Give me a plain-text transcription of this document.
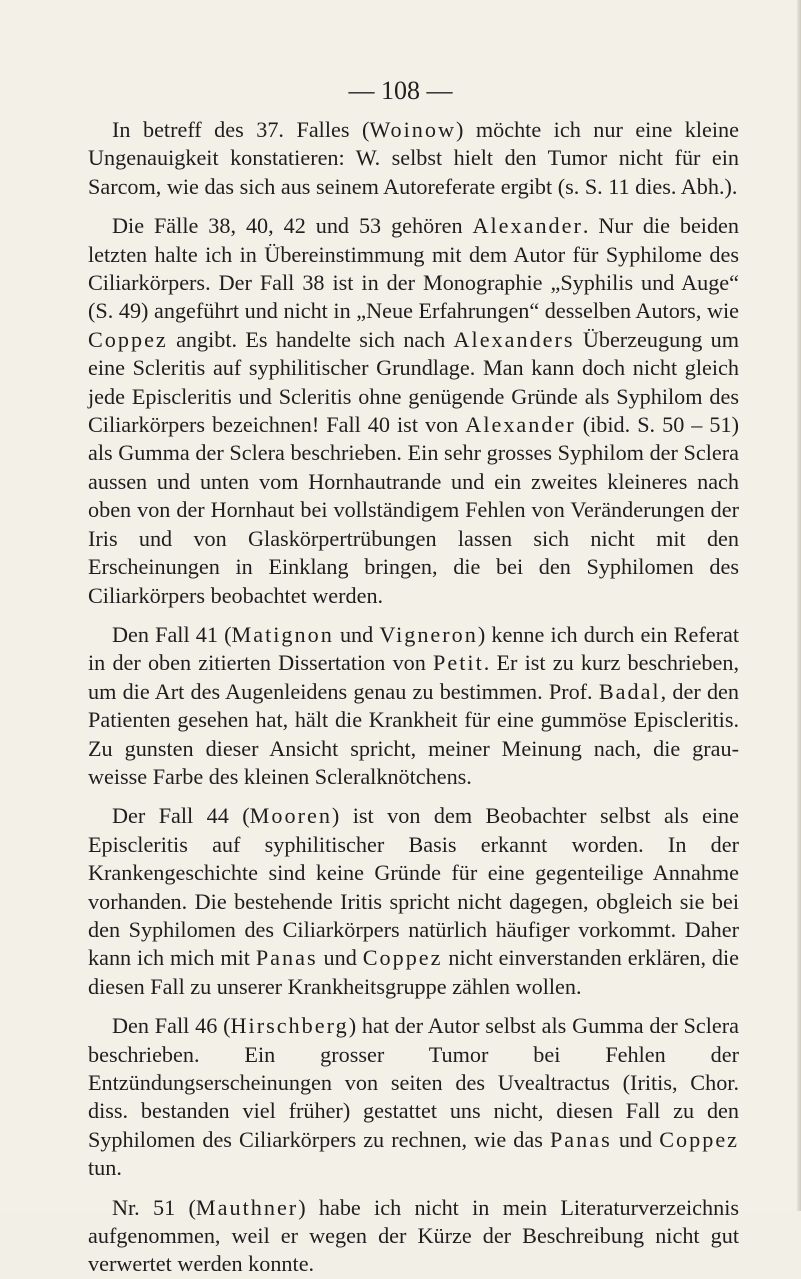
— 108 —

In betreff des 37. Falles (Woinow) möchte ich nur eine kleine Ungenauigkeit konstatieren: W. selbst hielt den Tumor nicht für ein Sarcom, wie das sich aus seinem Autoreferate ergibt (s. S. 11 dies. Abh.).

Die Fälle 38, 40, 42 und 53 gehören Alexander. Nur die beiden letzten halte ich in Übereinstimmung mit dem Autor für Syphilome des Ciliarkörpers. Der Fall 38 ist in der Monographie „Syphilis und Auge“ (S. 49) angeführt und nicht in „Neue Erfahrungen“ desselben Autors, wie Coppez angibt. Es handelte sich nach Alexanders Überzeugung um eine Scleritis auf syphilitischer Grundlage. Man kann doch nicht gleich jede Episcleritis und Scleritis ohne genügende Gründe als Syphilom des Ciliarkörpers bezeichnen! Fall 40 ist von Alexander (ibid. S. 50 – 51) als Gumma der Sclera beschrieben. Ein sehr grosses Syphilom der Sclera aussen und unten vom Hornhautrande und ein zweites kleineres nach oben von der Hornhaut bei vollständigem Fehlen von Veränderungen der Iris und von Glaskörpertrübungen lassen sich nicht mit den Erscheinungen in Einklang bringen, die bei den Syphilomen des Ciliarkörpers beobachtet werden.

Den Fall 41 (Matignon und Vigneron) kenne ich durch ein Referat in der oben zitierten Dissertation von Petit. Er ist zu kurz beschrieben, um die Art des Augenleidens genau zu bestimmen. Prof. Badal, der den Patienten gesehen hat, hält die Krankheit für eine gummöse Episcleritis. Zu gunsten dieser Ansicht spricht, meiner Meinung nach, die grau-weisse Farbe des kleinen Scleralknötchens.

Der Fall 44 (Mooren) ist von dem Beobachter selbst als eine Episcleritis auf syphilitischer Basis erkannt worden. In der Krankengeschichte sind keine Gründe für eine gegenteilige Annahme vorhanden. Die bestehende Iritis spricht nicht dagegen, obgleich sie bei den Syphilomen des Ciliarkörpers natürlich häufiger vorkommt. Daher kann ich mich mit Panas und Coppez nicht einverstanden erklären, die diesen Fall zu unserer Krankheitsgruppe zählen wollen.

Den Fall 46 (Hirschberg) hat der Autor selbst als Gumma der Sclera beschrieben. Ein grosser Tumor bei Fehlen der Entzündungserscheinungen von seiten des Uvealtractus (Iritis, Chor. diss. bestanden viel früher) gestattet uns nicht, diesen Fall zu den Syphilomen des Ciliarkörpers zu rechnen, wie das Panas und Coppez tun.

Nr. 51 (Mauthner) habe ich nicht in mein Literaturverzeichnis aufgenommen, weil er wegen der Kürze der Beschreibung nicht gut verwertet werden konnte.
